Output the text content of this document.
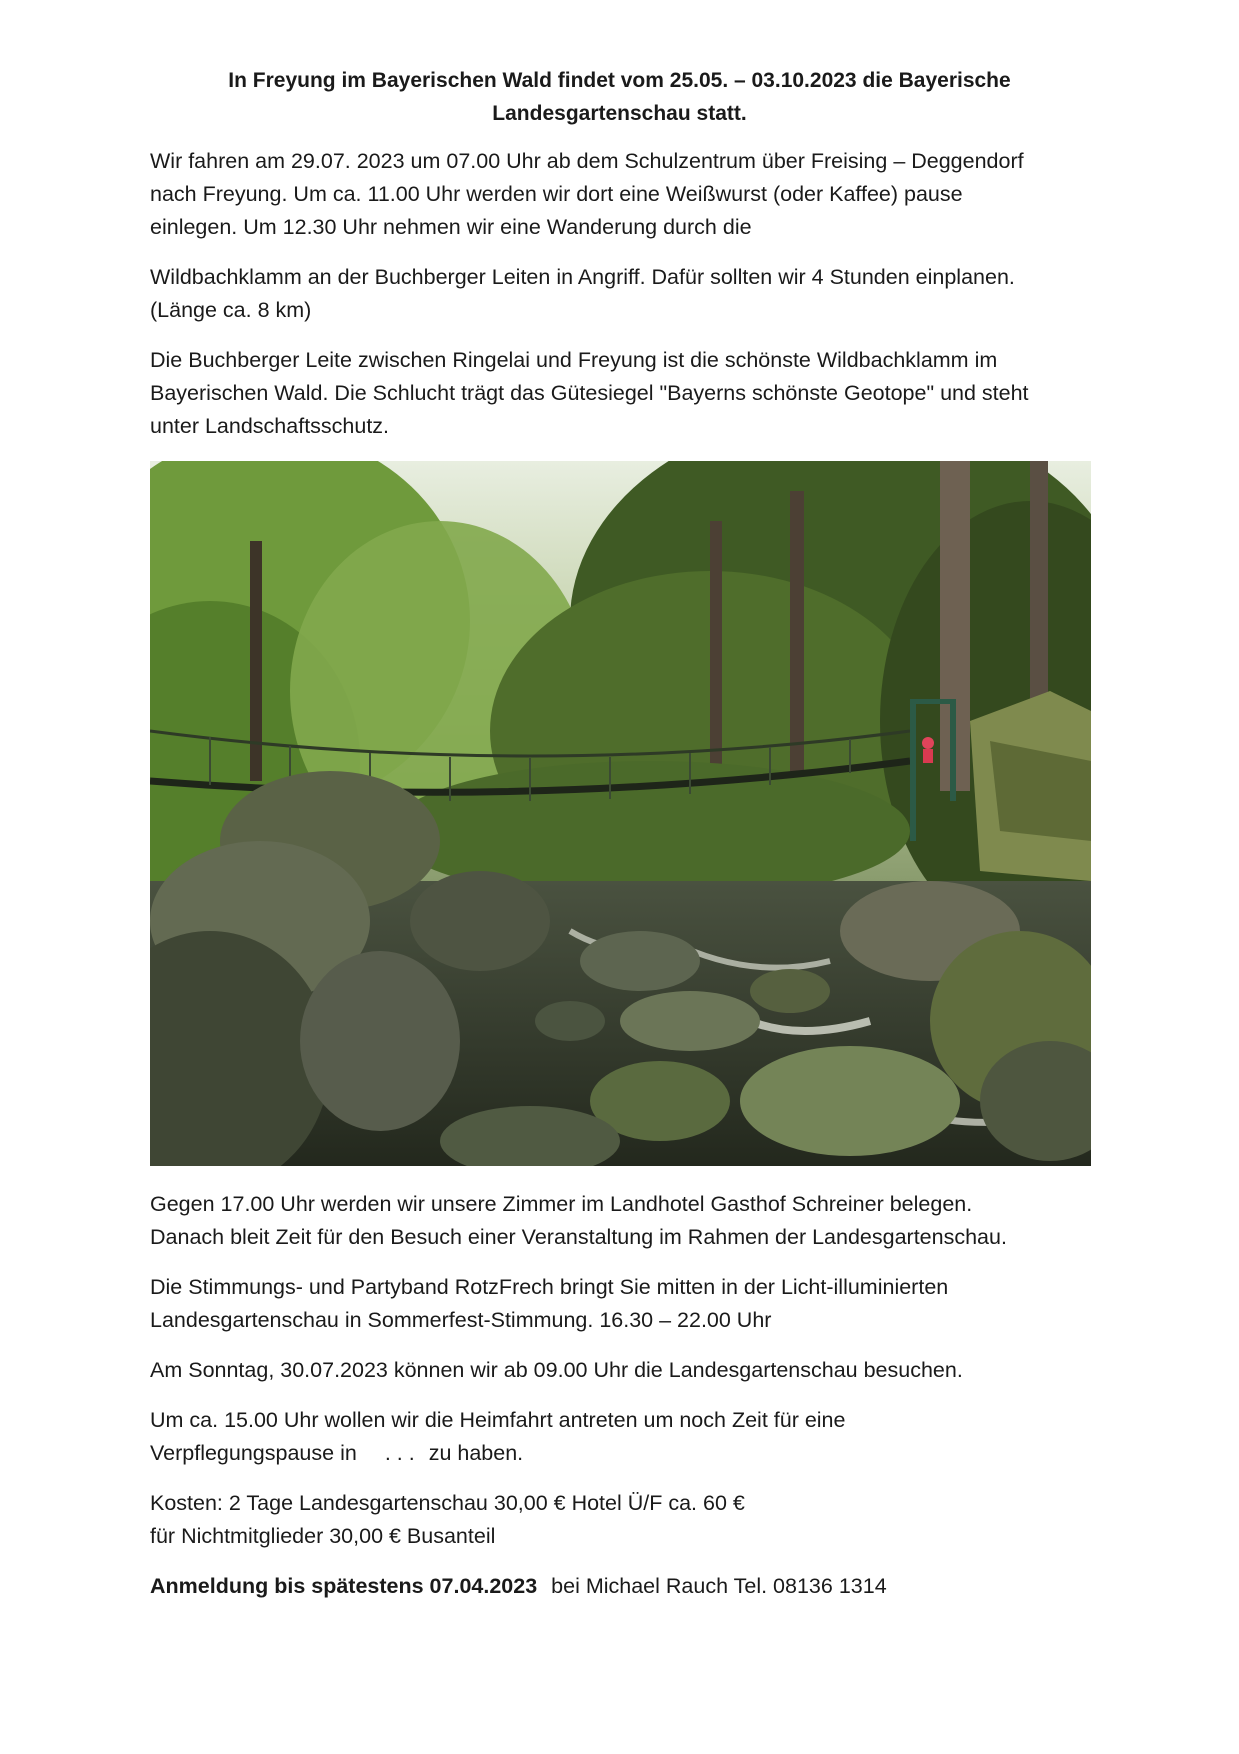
In Freyung im Bayerischen Wald findet vom 25.05. – 03.10.2023 die Bayerische
Landesgartenschau statt.
Wir fahren am 29.07. 2023 um 07.00 Uhr ab dem Schulzentrum über Freising – Deggendorf
nach Freyung. Um ca. 11.00 Uhr werden wir dort eine Weißwurst (oder Kaffee) pause
einlegen. Um 12.30 Uhr nehmen wir eine Wanderung durch die
Wildbachklamm an der Buchberger Leiten in Angriff. Dafür sollten wir 4 Stunden einplanen.
(Länge ca. 8 km)
Die Buchberger Leite zwischen Ringelai und Freyung ist die schönste Wildbachklamm im
Bayerischen Wald. Die Schlucht trägt das Gütesiegel "Bayerns schönste Geotope" und steht
unter Landschaftsschutz.
Gegen 17.00 Uhr werden wir unsere Zimmer im Landhotel Gasthof Schreiner belegen.
Danach bleit Zeit für den Besuch einer Veranstaltung im Rahmen der Landesgartenschau.
Die Stimmungs- und Partyband RotzFrech bringt Sie mitten in der Licht-illuminierten
Landesgartenschau in Sommerfest-Stimmung. 16.30 – 22.00 Uhr
Am Sonntag, 30.07.2023 können wir ab 09.00 Uhr die Landesgartenschau besuchen.
Um ca. 15.00 Uhr wollen wir die Heimfahrt antreten um noch Zeit für eine
Verpflegungspause in . . . zu haben.
Kosten: 2 Tage Landesgartenschau 30,00 € Hotel Ü/F ca. 60 €
für Nichtmitglieder 30,00 € Busanteil
Anmeldung bis spätestens 07.04.2023 bei Michael Rauch Tel. 08136 1314
